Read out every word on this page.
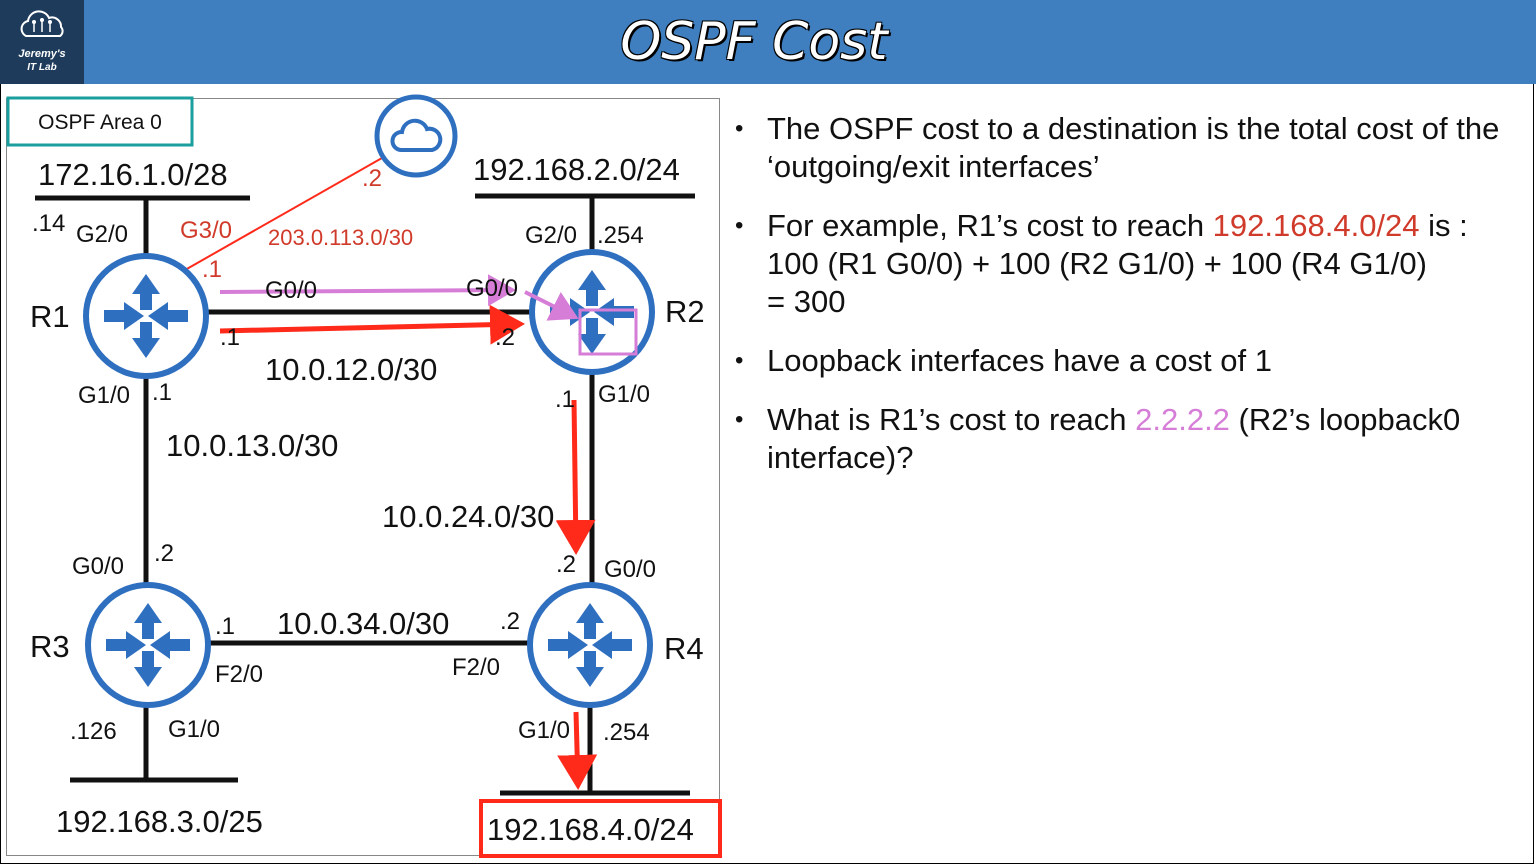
Jeremy's
IT Lab	OSPF Cost
OSPF Area 0
R1	R2
R3	R4
172.16.1.0/28	192.168.2.0/24
192.168.3.0/25	192.168.4.0/24
10.0.12.0/30
10.0.13.0/30
10.0.24.0/30
10.0.34.0/30
203.0.113.0/30
.14 G2/0 G3/0
.1
.2
G0/0
.1
G1/0 .1
G2/0 .254
G0/0
.2
.1 G1/0
G0/0 .2
.1
F2/0
.126 G1/0
.2 G0/0
.2
F2/0
G1/0 .254
• The OSPF cost to a destination is the total cost of the ‘outgoing/exit interfaces’
• For example, R1’s cost to reach 192.168.4.0/24 is :
100 (R1 G0/0) + 100 (R2 G1/0) + 100 (R4 G1/0)
= 300
• Loopback interfaces have a cost of 1
• What is R1’s cost to reach 2.2.2.2 (R2’s loopback0 interface)?
